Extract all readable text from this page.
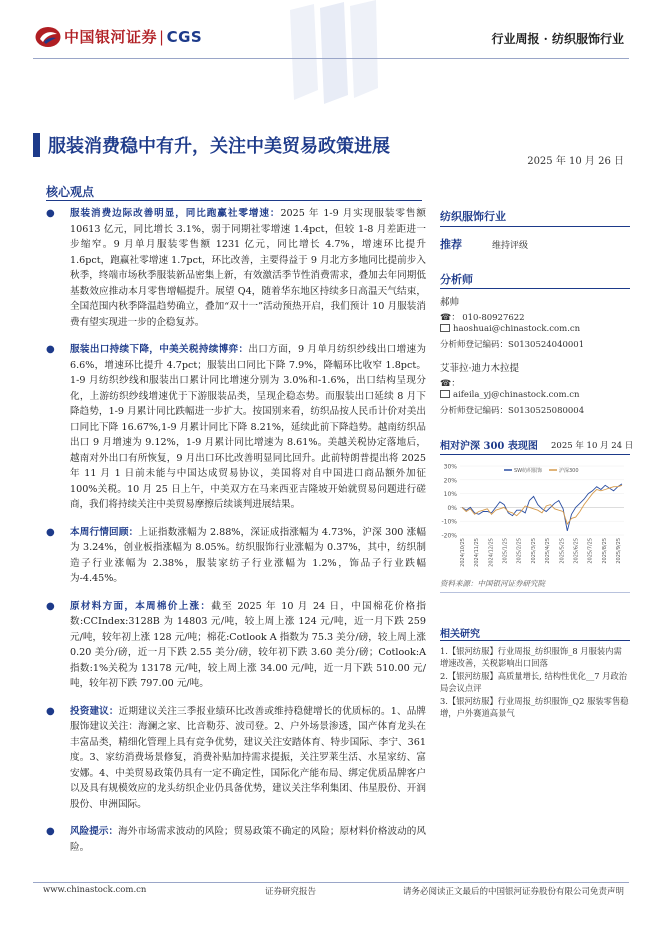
中国银河证券 | CGS	行业周报 · 纺织服饰行业
服装消费稳中有升，关注中美贸易政策进展
2025 年 10 月 26 日
核心观点

● 服装消费边际改善明显，同比跑赢社零增速：2025 年 1-9 月实现服装零售额 10613 亿元，同比增长 3.1%，弱于同期社零增速 1.4pct，但较 1-8 月差距进一步缩窄。9 月单月服装零售额 1231 亿元，同比增长 4.7%，增速环比提升 1.6pct，跑赢社零增速 1.7pct，环比改善，主要得益于 9 月北方多地同比提前步入秋季，终端市场秋季服装新品密集上新，有效激活季节性消费需求，叠加去年同期低基数效应推动本月零售增幅提升。展望 Q4，随着华东地区持续多日高温天气结束，全国范围内秋季降温趋势确立，叠加“双十一”活动预热开启，我们预计 10 月服装消费有望实现进一步的企稳复苏。

● 服装出口持续下降，中美关税持续博弈：出口方面，9 月单月纺织纱线出口增速为 6.6%，增速环比提升 4.7pct；服装出口同比下降 7.9%，降幅环比收窄 1.8pct。1-9 月纺织纱线和服装出口累计同比增速分别为 3.0%和-1.6%，出口结构呈现分化，上游纺织纱线增速优于下游服装品类，呈现企稳态势。而服装出口延续 8 月下降趋势，1-9 月累计同比跌幅进一步扩大。按国别来看，纺织品按人民币计价对美出口同比下降 16.67%,1-9 月累计同比下降 8.21%，延续此前下降趋势。越南纺织品出口 9 月增速为 9.12%，1-9 月累计同比增速为 8.61%。美越关税协定落地后，越南对外出口有所恢复，9 月出口环比改善明显同比回升。此前特朗普提出将 2025 年 11 月 1 日前未能与中国达成贸易协议，美国将对自中国进口商品额外加征 100%关税。10 月 25 日上午，中美双方在马来西亚吉隆坡开始就贸易问题进行磋商，我们将持续关注中美贸易摩擦后续谈判进展结果。

● 本周行情回顾：上证指数涨幅为 2.88%，深证成指涨幅为 4.73%，沪深 300 涨幅为 3.24%，创业板指涨幅为 8.05%。纺织服饰行业涨幅为 0.37%，其中，纺织制造子行业涨幅为 2.38%，服装家纺子行业涨幅为 1.2%，饰品子行业跌幅为-4.45%。

● 原材料方面，本周棉价上涨：截至 2025 年 10 月 24 日，中国棉花价格指数:CCIndex:3128B 为 14803 元/吨，较上周上涨 124 元/吨，近一月下跌 259 元/吨，较年初上涨 128 元/吨；棉花:Cotlook A 指数为 75.3 美分/磅，较上周上涨 0.20 美分/磅，近一月下跌 2.55 美分/磅，较年初下跌 3.60 美分/磅；Cotlook:A 指数:1%关税为 13178 元/吨，较上周上涨 34.00 元/吨，近一月下跌 510.00 元/吨，较年初下跌 797.00 元/吨。

● 投资建议：近期建议关注三季报业绩环比改善或维持稳健增长的优质标的。1、品牌服饰建议关注：海澜之家、比音勒芬、波司登。2、户外场景渗透，国产体育龙头在丰富品类，精细化管理上具有竞争优势，建议关注安踏体育、特步国际、李宁、361 度。3、家纺消费场景修复，消费补贴加持需求提振，关注罗莱生活、水星家纺、富安娜。4、中美贸易政策仍具有一定不确定性，国际化产能布局、绑定优质品牌客户以及具有规模效应的龙头纺织企业仍具备优势，建议关注华利集团、伟星股份、开润股份、申洲国际。

● 风险提示：海外市场需求波动的风险；贸易政策不确定的风险；原材料价格波动的风险。

纺织服饰行业
推荐	维持评级
分析师
郝帅
☎： 010-80927622
haoshuai@chinastock.com.cn
分析师登记编码：S0130524040001
艾菲拉·迪力木拉提
☎：
aifeila_yj@chinastock.com.cn
分析师登记编码：S0130525080004
相对沪深 300 表现图 2025 年 10 月 24 日
30%
20%
10%
0%
-10%
-20%
2024/10/25 2024/11/25 2024/12/25 2025/1/25 2025/2/25 2025/3/25 2025/4/25 2025/5/25 2025/6/25 2025/7/25 2025/8/25 2025/9/25
SW纺织服饰	沪深300
资料来源：中国银河证券研究院
相关研究
1.【银河纺服】行业周报_纺织服饰_8 月服装内需增速改善，关税影响出口回落
2.【银河纺服】高质量增长, 结构性优化__7 月政治局会议点评
3.【银河纺服】行业周报_纺织服饰_Q2 服装零售稳增，户外赛道高景气
www.chinastock.com.cn	证券研究报告	请务必阅读正文最后的中国银河证券股份有限公司免责声明
